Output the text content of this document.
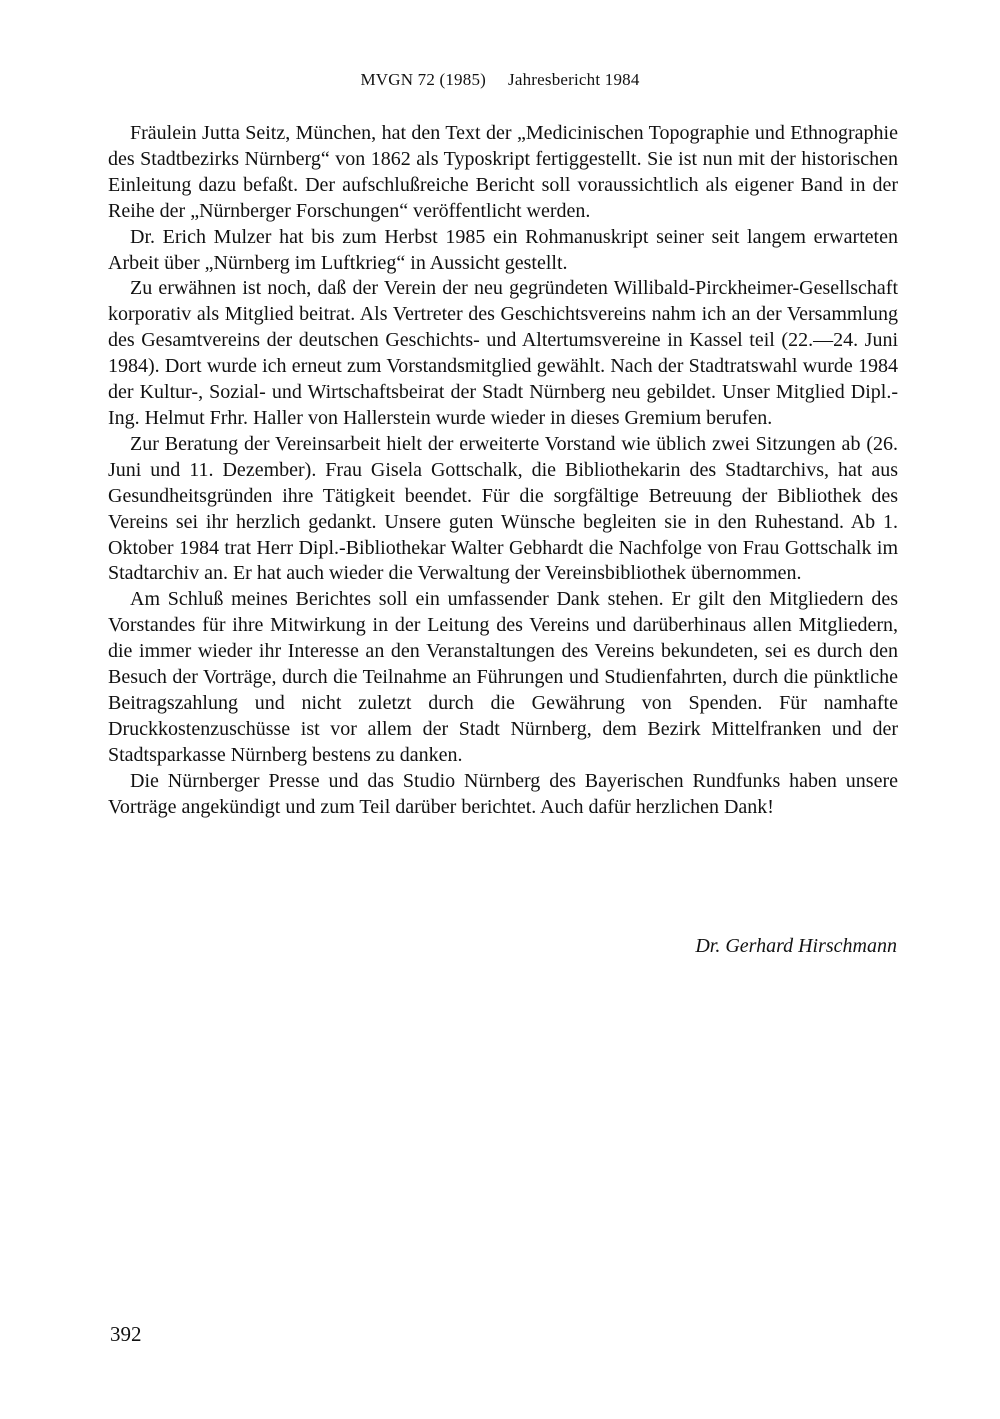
MVGN 72 (1985) Jahresbericht 1984

Fräulein Jutta Seitz, München, hat den Text der „Medicinischen Topographie und Ethnographie des Stadtbezirks Nürnberg“ von 1862 als Typoskript fertiggestellt. Sie ist nun mit der historischen Einleitung dazu befaßt. Der aufschlußreiche Bericht soll voraussichtlich als eigener Band in der Reihe der „Nürnberger Forschungen“ veröffentlicht werden.

Dr. Erich Mulzer hat bis zum Herbst 1985 ein Rohmanuskript seiner seit langem erwarteten Arbeit über „Nürnberg im Luftkrieg“ in Aussicht gestellt.

Zu erwähnen ist noch, daß der Verein der neu gegründeten Willibald-Pirckheimer-Gesellschaft korporativ als Mitglied beitrat. Als Vertreter des Geschichtsvereins nahm ich an der Versammlung des Gesamtvereins der deutschen Geschichts- und Altertumsvereine in Kassel teil (22.—24. Juni 1984). Dort wurde ich erneut zum Vorstandsmitglied gewählt. Nach der Stadtratswahl wurde 1984 der Kultur-, Sozial- und Wirtschaftsbeirat der Stadt Nürnberg neu gebildet. Unser Mitglied Dipl.-Ing. Helmut Frhr. Haller von Hallerstein wurde wieder in dieses Gremium berufen.

Zur Beratung der Vereinsarbeit hielt der erweiterte Vorstand wie üblich zwei Sitzungen ab (26. Juni und 11. Dezember). Frau Gisela Gottschalk, die Bibliothekarin des Stadtarchivs, hat aus Gesundheitsgründen ihre Tätigkeit beendet. Für die sorgfältige Betreuung der Bibliothek des Vereins sei ihr herzlich gedankt. Unsere guten Wünsche begleiten sie in den Ruhestand. Ab 1. Oktober 1984 trat Herr Dipl.-Bibliothekar Walter Gebhardt die Nachfolge von Frau Gottschalk im Stadtarchiv an. Er hat auch wieder die Verwaltung der Vereinsbibliothek übernommen.

Am Schluß meines Berichtes soll ein umfassender Dank stehen. Er gilt den Mitgliedern des Vorstandes für ihre Mitwirkung in der Leitung des Vereins und darüberhinaus allen Mitgliedern, die immer wieder ihr Interesse an den Veranstaltungen des Vereins bekundeten, sei es durch den Besuch der Vorträge, durch die Teilnahme an Führungen und Studienfahrten, durch die pünktliche Beitragszahlung und nicht zuletzt durch die Gewährung von Spenden. Für namhafte Druckkostenzuschüsse ist vor allem der Stadt Nürnberg, dem Bezirk Mittelfranken und der Stadtsparkasse Nürnberg bestens zu danken.

Die Nürnberger Presse und das Studio Nürnberg des Bayerischen Rundfunks haben unsere Vorträge angekündigt und zum Teil darüber berichtet. Auch dafür herzlichen Dank!

Dr. Gerhard Hirschmann
392
